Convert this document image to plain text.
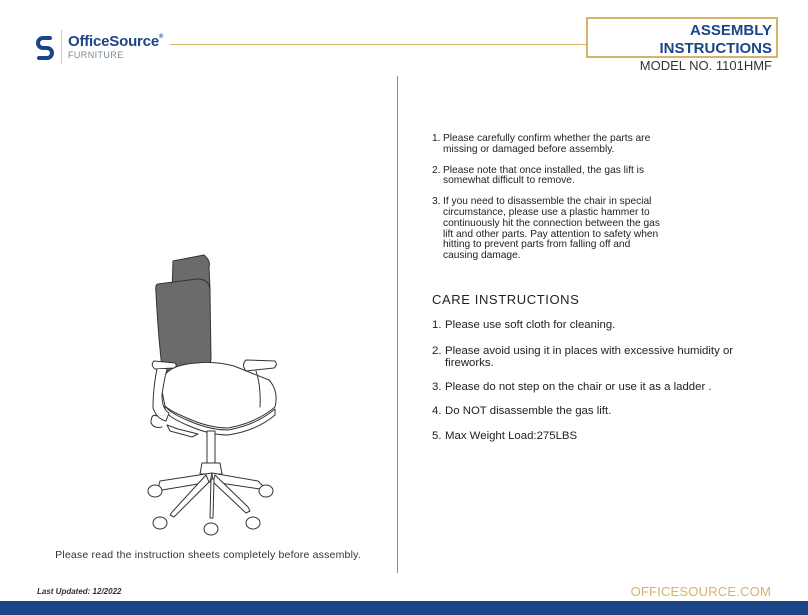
OfficeSource®
FURNITURE
ASSEMBLY INSTRUCTIONS
MODEL NO. 1101HMF
Please read the instruction sheets completely before assembly.
1. Please carefully confirm whether the parts are missing or damaged before assembly.
2. Please note that once installed, the gas lift is somewhat difficult to remove.
3. If you need to disassemble the chair in special circumstance, please use a plastic hammer to continuously hit the connection between the gas lift and other parts. Pay attention to safety when hitting to prevent parts from falling off and causing damage.
CARE INSTRUCTIONS
1. Please use soft cloth for cleaning.
2. Please avoid using it in places with excessive humidity or fireworks.
3. Please do not step on the chair or use it as a ladder .
4. Do NOT disassemble the gas lift.
5. Max Weight Load:275LBS
Last Updated: 12/2022	OFFICESOURCE.COM
